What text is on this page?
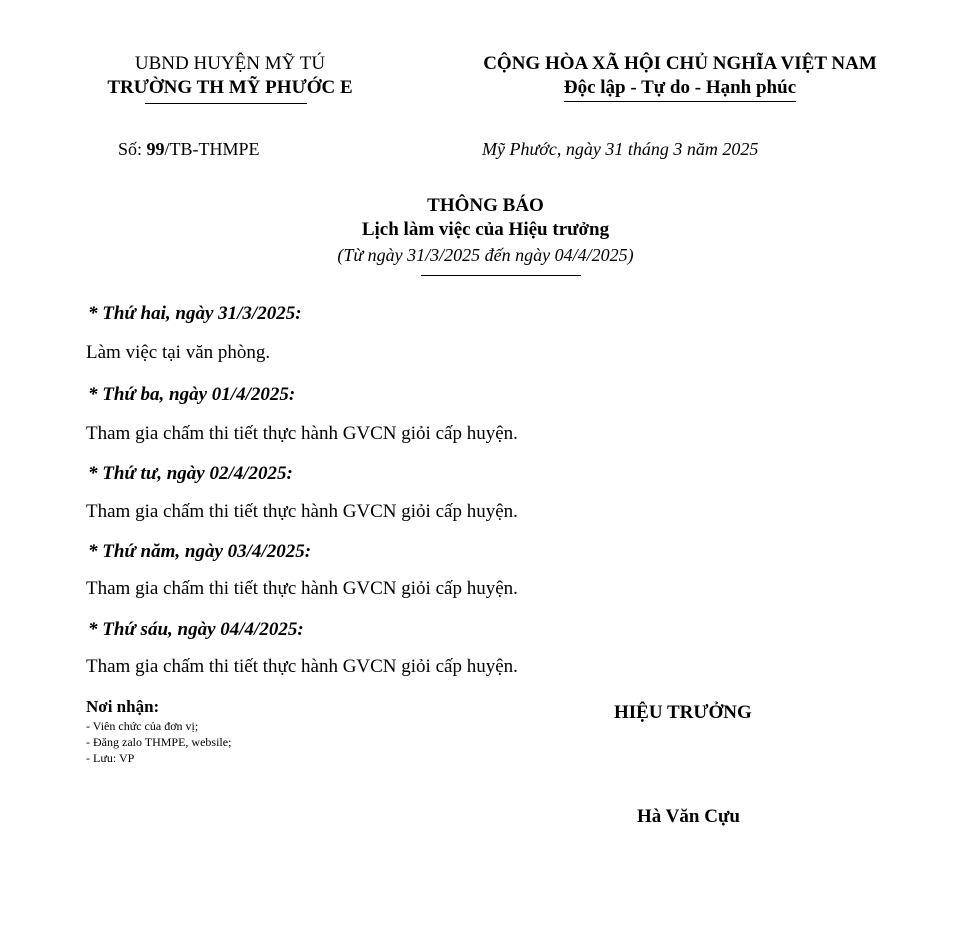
UBND HUYỆN MỸ TÚ
TRƯỜNG TH MỸ PHƯỚC E
CỘNG HÒA XÃ HỘI CHỦ NGHĨA VIỆT NAM
Độc lập - Tự do - Hạnh phúc
Số: 99/TB-THMPE	Mỹ Phước, ngày 31 tháng 3 năm 2025
THÔNG BÁO
Lịch làm việc của Hiệu trưởng
(Từ ngày 31/3/2025 đến ngày 04/4/2025)
* Thứ hai, ngày 31/3/2025:
Làm việc tại văn phòng.
* Thứ ba, ngày 01/4/2025:
Tham gia chấm thi tiết thực hành GVCN giỏi cấp huyện.
* Thứ tư, ngày 02/4/2025:
Tham gia chấm thi tiết thực hành GVCN giỏi cấp huyện.
* Thứ năm, ngày 03/4/2025:
Tham gia chấm thi tiết thực hành GVCN giỏi cấp huyện.
* Thứ sáu, ngày 04/4/2025:
Tham gia chấm thi tiết thực hành GVCN giỏi cấp huyện.
Nơi nhận:
- Viên chức của đơn vị;
- Đăng zalo THMPE, websile;
- Lưu: VP
HIỆU TRƯỞNG
Hà Văn Cựu
